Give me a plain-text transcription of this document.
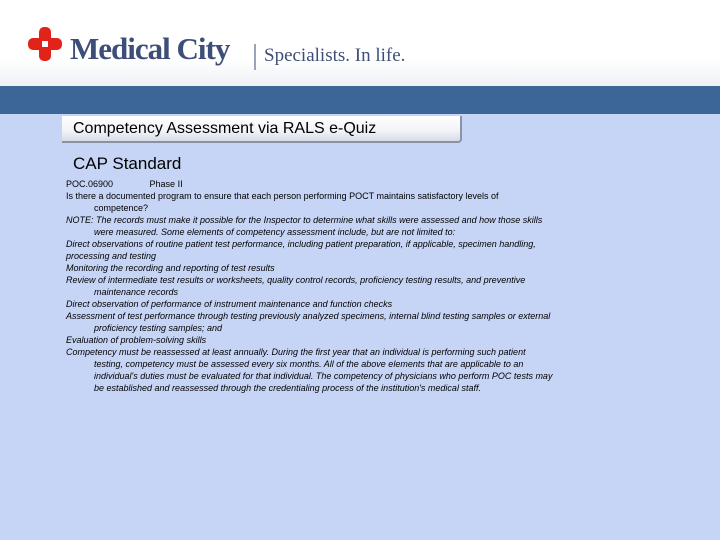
Medical City Specialists. In life.
Competency Assessment via RALS e-Quiz
CAP Standard
POC.06900	Phase II
Is there a documented program to ensure that each person performing POCT maintains satisfactory levels of
competence?
NOTE: The records must make it possible for the Inspector to determine what skills were assessed and how those skills
were measured. Some elements of competency assessment include, but are not limited to:
Direct observations of routine patient test performance, including patient preparation, if applicable, specimen handling,
processing and testing
Monitoring the recording and reporting of test results
Review of intermediate test results or worksheets, quality control records, proficiency testing results, and preventive
maintenance records
Direct observation of performance of instrument maintenance and function checks
Assessment of test performance through testing previously analyzed specimens, internal blind testing samples or external
proficiency testing samples; and
Evaluation of problem-solving skills
Competency must be reassessed at least annually. During the first year that an individual is performing such patient
testing, competency must be assessed every six months. All of the above elements that are applicable to an
individual's duties must be evaluated for that individual. The competency of physicians who perform POC tests may
be established and reassessed through the credentialing process of the institution's medical staff.
